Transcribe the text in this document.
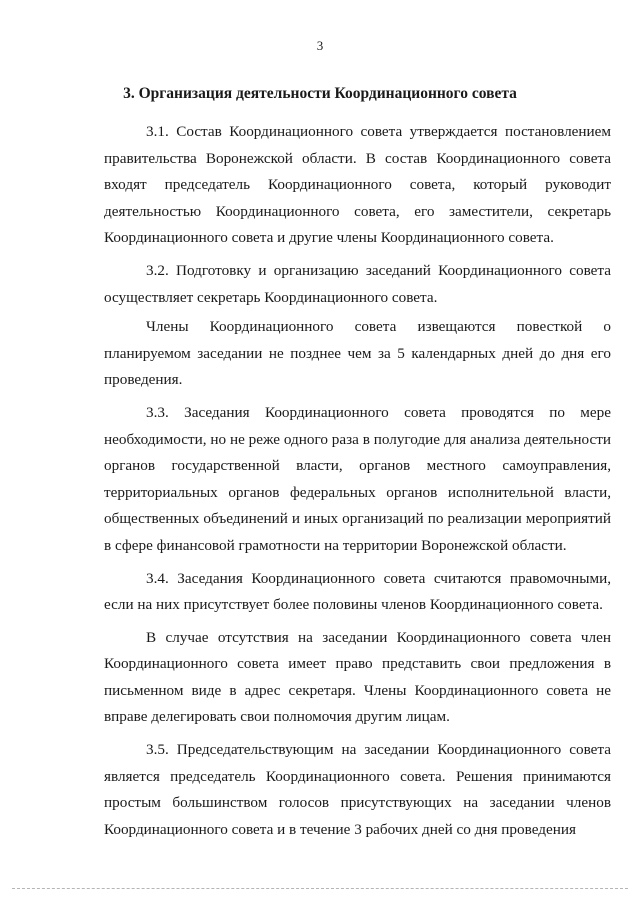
3
3. Организация деятельности Координационного совета

3.1. Состав Координационного совета утверждается постановлением правительства Воронежской области. В состав Координационного совета входят председатель Координационного совета, который руководит деятельностью Координационного совета, его заместители, секретарь Координационного совета и другие члены Координационного совета.

3.2. Подготовку и организацию заседаний Координационного совета осуществляет секретарь Координационного совета.

Члены Координационного совета извещаются повесткой о планируемом заседании не позднее чем за 5 календарных дней до дня его проведения.

3.3. Заседания Координационного совета проводятся по мере необходимости, но не реже одного раза в полугодие для анализа деятельности органов государственной власти, органов местного самоуправления, территориальных органов федеральных органов исполнительной власти, общественных объединений и иных организаций по реализации мероприятий в сфере финансовой грамотности на территории Воронежской области.

3.4. Заседания Координационного совета считаются правомочными, если на них присутствует более половины членов Координационного совета.

В случае отсутствия на заседании Координационного совета член Координационного совета имеет право представить свои предложения в письменном виде в адрес секретаря. Члены Координационного совета не вправе делегировать свои полномочия другим лицам.

3.5. Председательствующим на заседании Координационного совета является председатель Координационного совета. Решения принимаются простым большинством голосов присутствующих на заседании членов Координационного совета и в течение 3 рабочих дней со дня проведения
